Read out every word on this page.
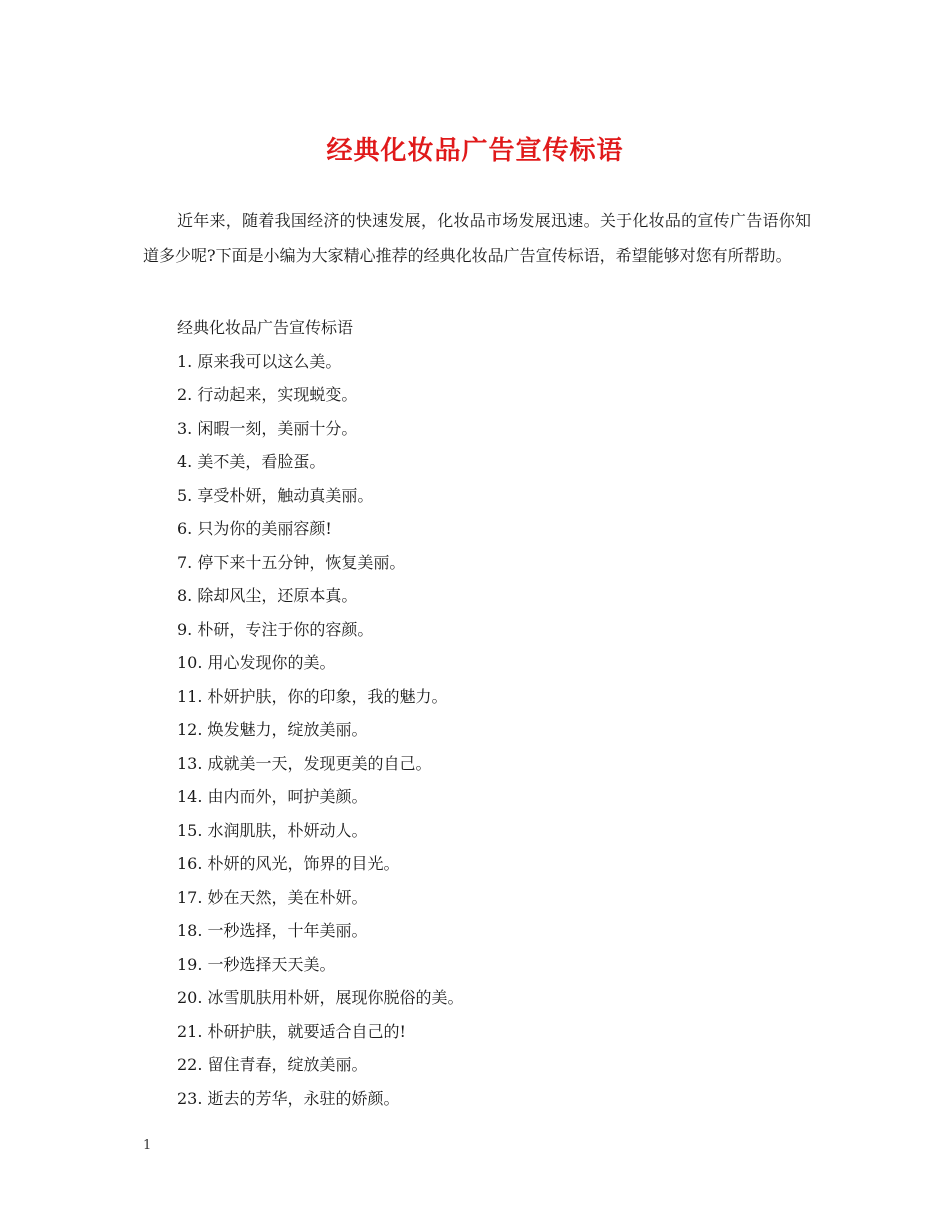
经典化妆品广告宣传标语

近年来，随着我国经济的快速发展，化妆品市场发展迅速。关于化妆品的宣传广告语你知道多少呢?下面是小编为大家精心推荐的经典化妆品广告宣传标语，希望能够对您有所帮助。

经典化妆品广告宣传标语
1. 原来我可以这么美。
2. 行动起来，实现蜕变。
3. 闲暇一刻，美丽十分。
4. 美不美，看脸蛋。
5. 享受朴妍，触动真美丽。
6. 只为你的美丽容颜!
7. 停下来十五分钟，恢复美丽。
8. 除却风尘，还原本真。
9. 朴研，专注于你的容颜。
10. 用心发现你的美。
11. 朴妍护肤，你的印象，我的魅力。
12. 焕发魅力，绽放美丽。
13. 成就美一天，发现更美的自己。
14. 由内而外，呵护美颜。
15. 水润肌肤，朴妍动人。
16. 朴妍的风光，饰界的目光。
17. 妙在天然，美在朴妍。
18. 一秒选择，十年美丽。
19. 一秒选择天天美。
20. 冰雪肌肤用朴妍，展现你脱俗的美。
21. 朴研护肤，就要适合自己的!
22. 留住青春，绽放美丽。
23. 逝去的芳华，永驻的娇颜。
1
